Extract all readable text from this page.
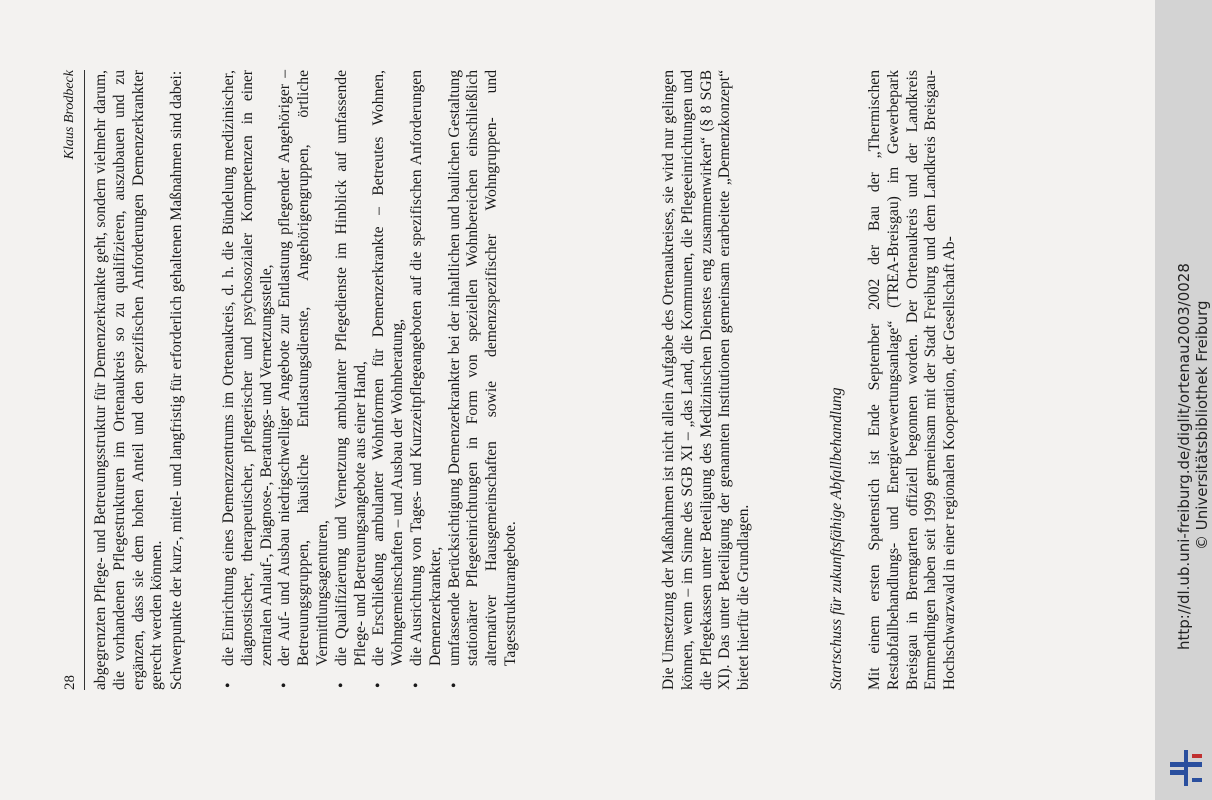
28
Klaus Brodbeck abgegrenzten Pflege- und Betreuungsstruktur für Demenzerkrankte geht, sondern vielmehr darum, die vorhandenen Pflegestrukturen im Ortenaukreis so zu qualifizieren, auszubauen und zu ergänzen, dass sie dem hohen Anteil und den spezifischen Anforderungen Demenzerkrankter gerecht werden können. Schwerpunkte der kurz-, mittel- und langfristig für erforderlich gehaltenen Maßnahmen sind dabei: • die Einrichtung eines Demenzzentrums im Ortenaukreis, d. h. die Bündelung medizinischer, diagnostischer, therapeutischer, pflegerischer und psychosozialer Kompetenzen in einer zentralen Anlauf-, Diagnose-, Beratungs- und Vernetzungsstelle, • der Auf- und Ausbau niedrigschwelliger Angebote zur Entlastung pflegender Angehöriger – Betreuungsgruppen, häusliche Entlastungsdienste, Angehörigengruppen, örtliche Vermittlungsagenturen, • die Qualifizierung und Vernetzung ambulanter Pflegedienste im Hinblick auf umfassende Pflege- und Betreuungsangebote aus einer Hand, • die Erschließung ambulanter Wohnformen für Demenzerkrankte – Betreutes Wohnen, Wohngemeinschaften – und Ausbau der Wohnberatung, • die Ausrichtung von Tages- und Kurzzeitpflegeangeboten auf die spezifischen Anforderungen Demenzerkrankter, • umfassende Berücksichtigung Demenzerkrankter bei der inhaltlichen und baulichen Gestaltung stationärer Pflegeeinrichtungen in Form von speziellen Wohnbereichen einschließlich alternativer Hausgemeinschaften sowie demenzspezifischer Wohngruppen- und Tagesstrukturangebote.	Die Umsetzung der Maßnahmen ist nicht allein Aufgabe des Ortenaukreises, sie wird nur gelingen können, wenn – im Sinne des SGB XI – „das Land, die Kommunen, die Pflegeeinrichtungen und die Pflegekassen unter Beteiligung des Medizinischen Dienstes eng zusammenwirken“ (§ 8 SGB XI). Das unter Beteiligung der genannten Institutionen gemeinsam erarbeitete „Demenzkonzept“ bietet hierfür die Grundlagen.	Startschuss für zukunftsfähige Abfallbehandlung Mit einem ersten Spatenstich ist Ende September 2002 der Bau der „Thermischen Restabfallbehandlungs- und Energieverwertungsanlage“ (TREA-Breisgau) im Gewerbepark Breisgau in Bremgarten offiziell begonnen worden. Der Ortenaukreis und der Landkreis Emmendingen haben seit 1999 gemeinsam mit der Stadt Freiburg und dem Landkreis Breisgau-Hochschwarzwald in einer regionalen Kooperation, der Gesellschaft Ab-	http://dl.ub.uni-freiburg.de/diglit/ortenau2003/0028 © Universitätsbibliothek Freiburg
